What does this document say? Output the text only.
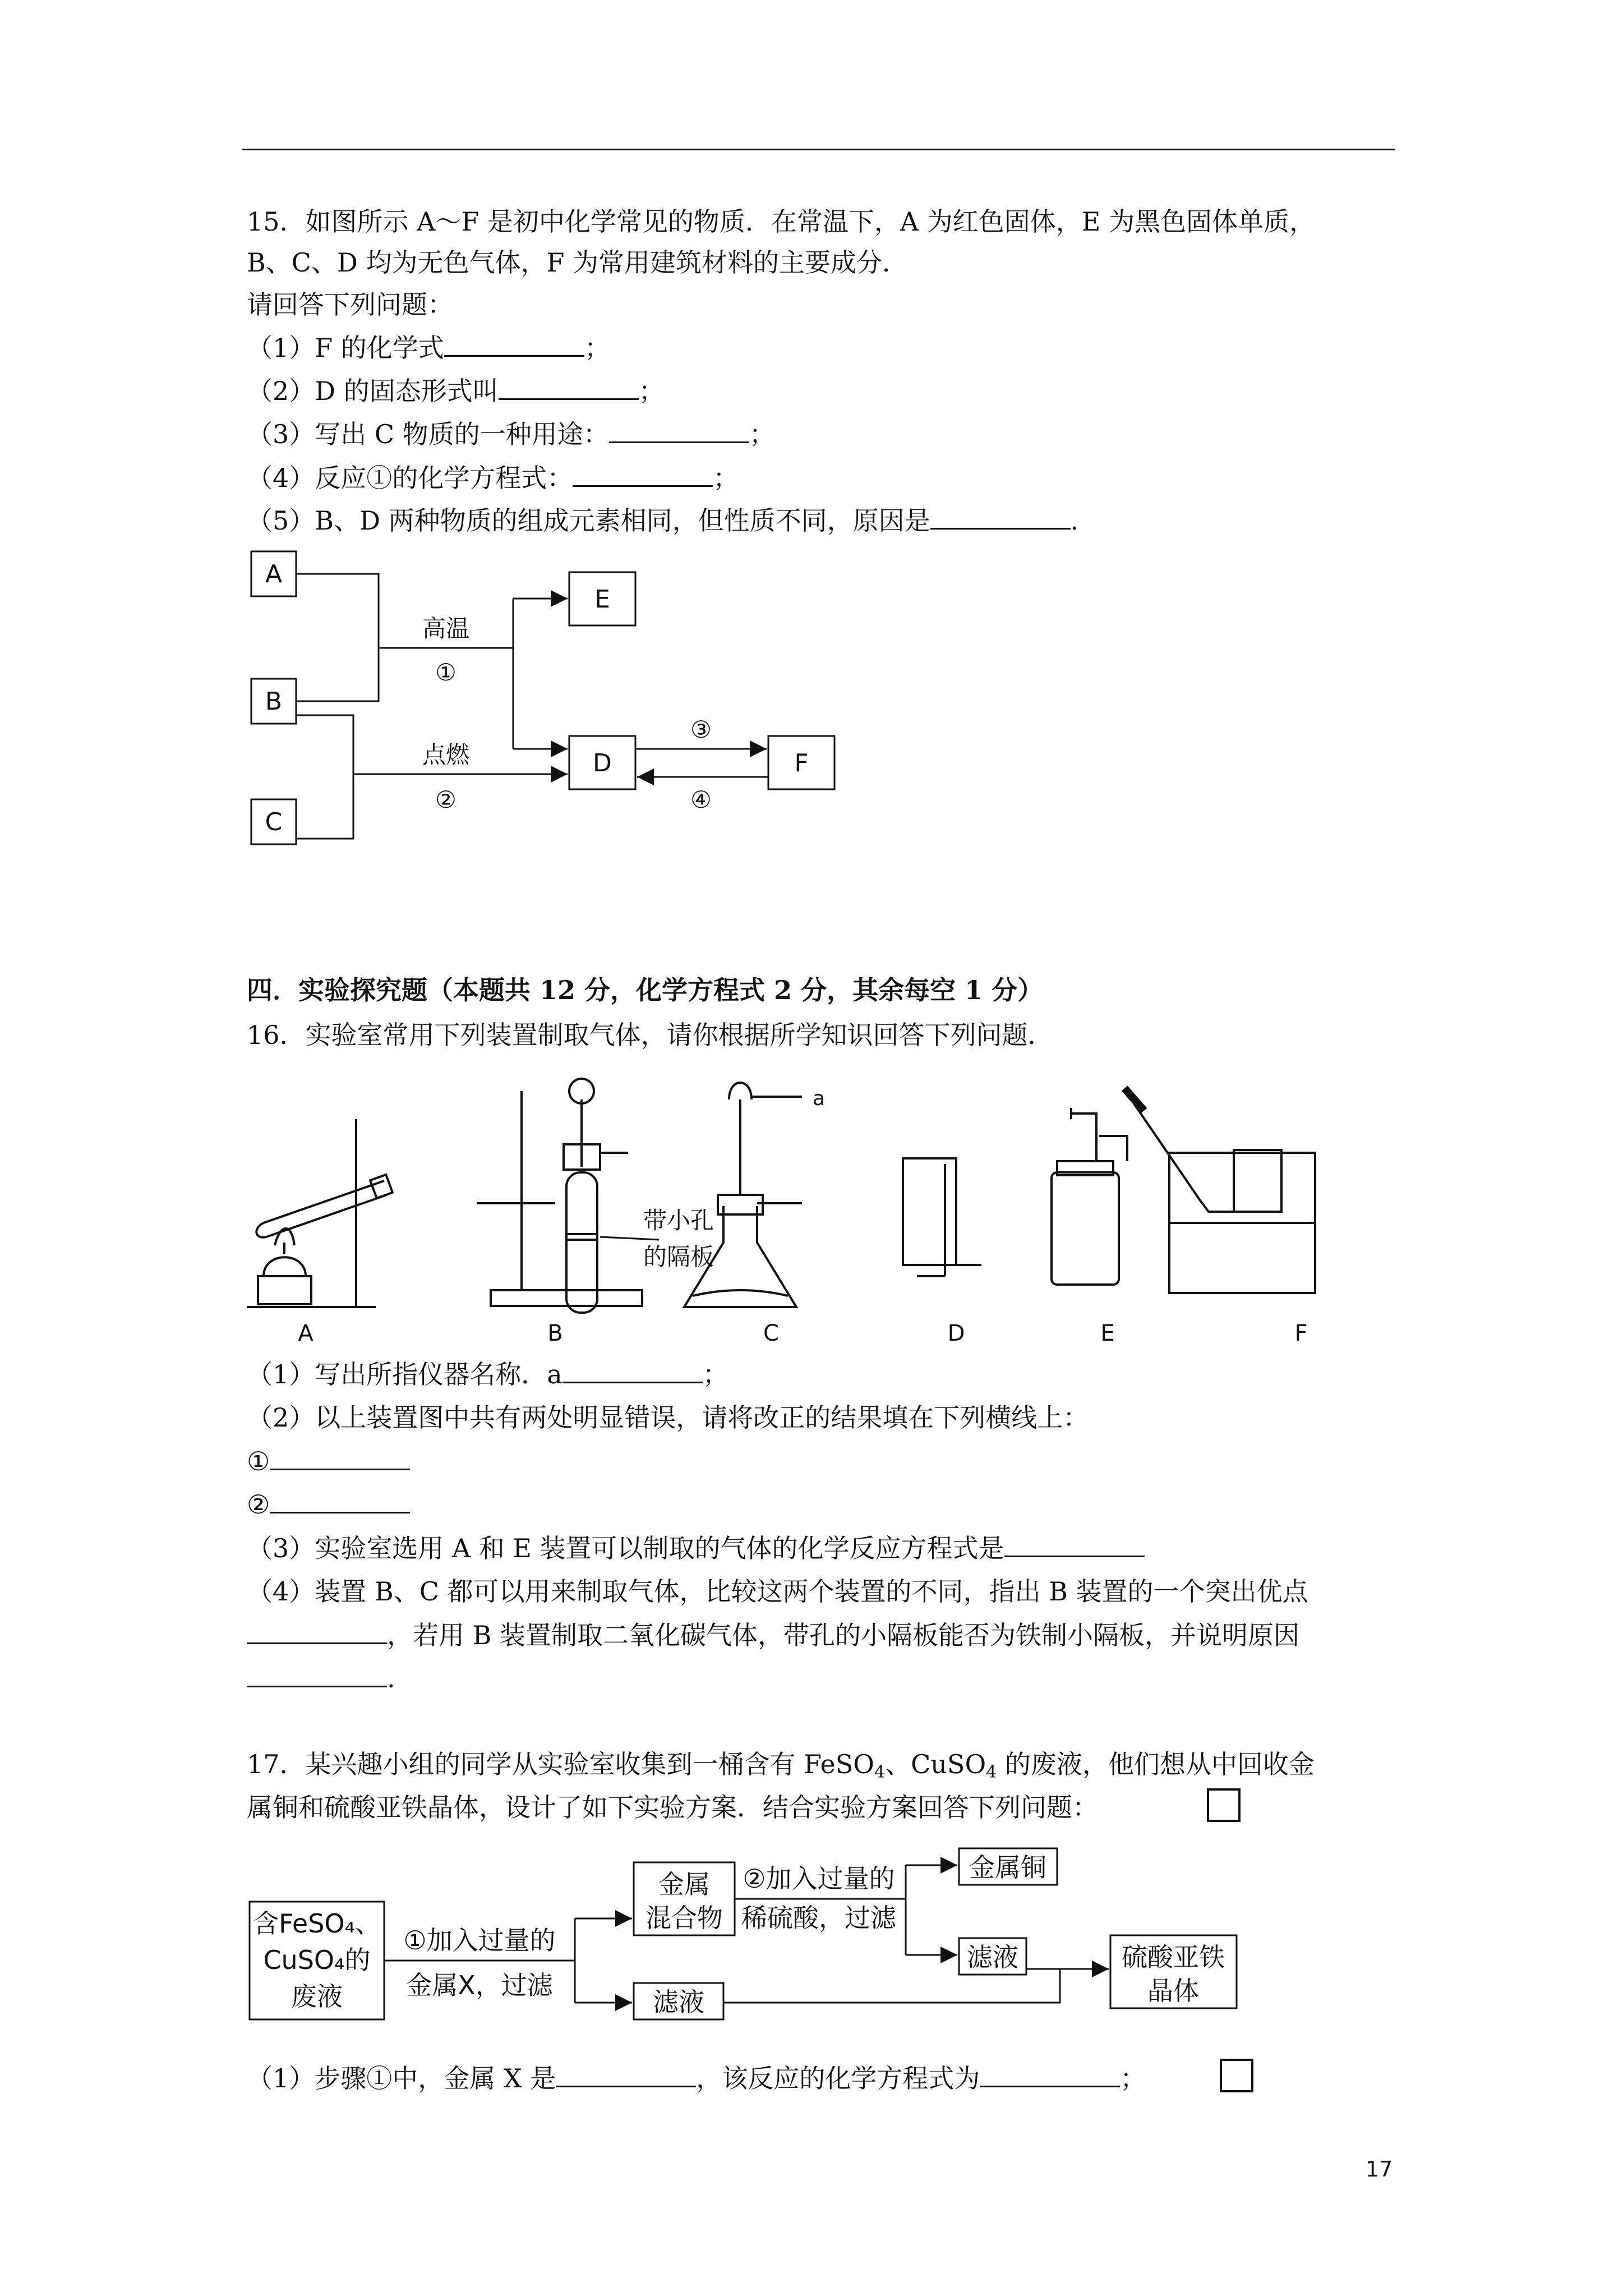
15．如图所示 A～F 是初中化学常见的物质．在常温下，A 为红色固体，E 为黑色固体单质，
B、C、D 均为无色气体，F 为常用建筑材料的主要成分．
请回答下列问题：
（1）F 的化学式	；
（2）D 的固态形式叫	；
（3）写出 C 物质的一种用途：	；
（4）反应①的化学方程式：	；
（5）B、D 两种物质的组成元素相同，但性质不同，原因是	．
A
B
C
D
E
F
高温
①
点燃
②
③
④
四．实验探究题（本题共 12 分，化学方程式 2 分，其余每空 1 分）
16．实验室常用下列装置制取气体，请你根据所学知识回答下列问题．
A	B	C	D	E	F
带小孔
的隔板
a
（1）写出所指仪器名称．a	；
（2）以上装置图中共有两处明显错误，请将改正的结果填在下列横线上：
①
②
（3）实验室选用 A 和 E 装置可以制取的气体的化学反应方程式是
（4）装置 B、C 都可以用来制取气体，比较这两个装置的不同，指出 B 装置的一个突出优点
，若用 B 装置制取二氧化碳气体，带孔的小隔板能否为铁制小隔板，并说明原因
.
17．某兴趣小组的同学从实验室收集到一桶含有 FeSO$_4$、CuSO$_4$ 的废液，他们想从中回收金
属铜和硫酸亚铁晶体，设计了如下实验方案．结合实验方案回答下列问题：
含FeSO₄、
CuSO₄的
废液
①加入过量的
金属X，过滤
金属
混合物
②加入过量的
稀硫酸，过滤
金属铜
滤液
滤液
硫酸亚铁
晶体
（1）步骤①中，金属 X 是	，该反应的化学方程式为	；
17
